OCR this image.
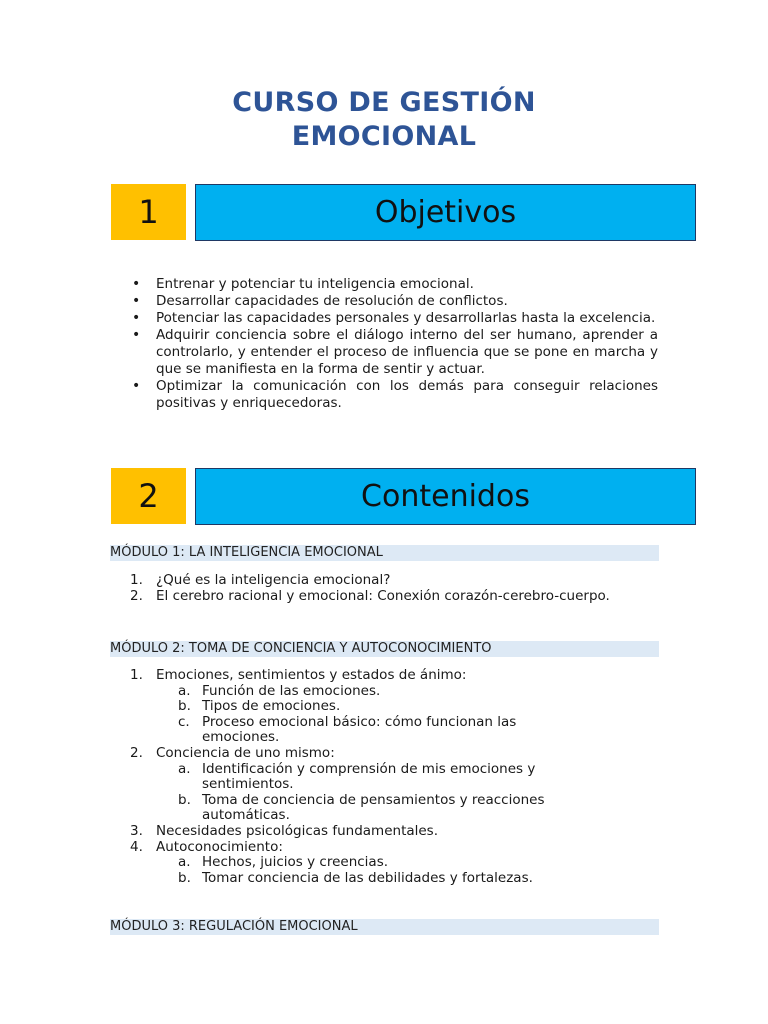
CURSO DE GESTIÓN
EMOCIONAL
1	Objetivos
• Entrenar y potenciar tu inteligencia emocional.
• Desarrollar capacidades de resolución de conflictos.
• Potenciar las capacidades personales y desarrollarlas hasta la excelencia.
• Adquirir conciencia sobre el diálogo interno del ser humano, aprender a controlarlo, y entender el proceso de influencia que se pone en marcha y que se manifiesta en la forma de sentir y actuar.
• Optimizar la comunicación con los demás para conseguir relaciones positivas y enriquecedoras.
2	Contenidos
MÓDULO 1: LA INTELIGENCIA EMOCIONAL
1. ¿Qué es la inteligencia emocional?
2. El cerebro racional y emocional: Conexión corazón-cerebro-cuerpo.
MÓDULO 2: TOMA DE CONCIENCIA Y AUTOCONOCIMIENTO
1. Emociones, sentimientos y estados de ánimo:
a. Función de las emociones.
b. Tipos de emociones.
c. Proceso emocional básico: cómo funcionan las emociones.
2. Conciencia de uno mismo:
a. Identificación y comprensión de mis emociones y sentimientos.
b. Toma de conciencia de pensamientos y reacciones automáticas.
3. Necesidades psicológicas fundamentales.
4. Autoconocimiento:
a. Hechos, juicios y creencias.
b. Tomar conciencia de las debilidades y fortalezas.
MÓDULO 3: REGULACIÓN EMOCIONAL
